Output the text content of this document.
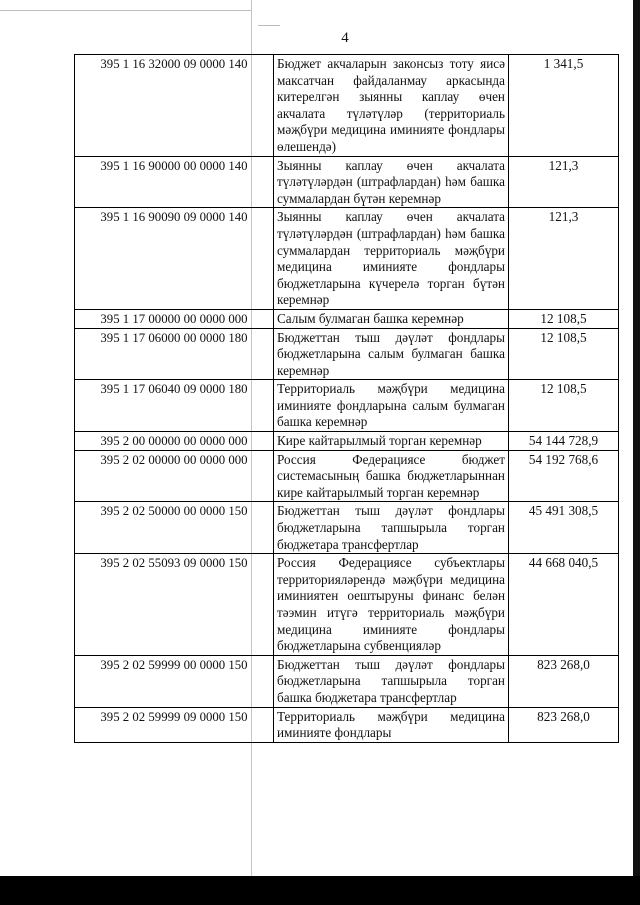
4
395 1 16 32000 09 0000 140	Бюджет акчаларын законсыз тоту яисә максатчан файдаланмау аркасында китерелгән зыянны каплау өчен акчалата түләтүләр (территориаль мәҗбүри медицина иминияте фондлары өлешендә)	1 341,5
395 1 16 90000 00 0000 140	Зыянны каплау өчен акчалата түләтүләрдән (штрафлардан) һәм башка суммалардан бүтән керемнәр	121,3
395 1 16 90090 09 0000 140	Зыянны каплау өчен акчалата түләтүләрдән (штрафлардан) һәм башка суммалардан территориаль мәҗбүри медицина иминияте фондлары бюджетларына күчерелә торган бүтән керемнәр	121,3
395 1 17 00000 00 0000 000	Салым булмаган башка керемнәр	12 108,5
395 1 17 06000 00 0000 180	Бюджеттан тыш дәүләт фондлары бюджетларына салым булмаган башка керемнәр	12 108,5
395 1 17 06040 09 0000 180	Территориаль мәҗбүри медицина иминияте фондларына салым булмаган башка керемнәр	12 108,5
395 2 00 00000 00 0000 000	Кире кайтарылмый торган керемнәр	54 144 728,9
395 2 02 00000 00 0000 000	Россия Федерациясе бюджет системасының башка бюджетларыннан кире кайтарылмый торган керемнәр	54 192 768,6
395 2 02 50000 00 0000 150	Бюджеттан тыш дәүләт фондлары бюджетларына тапшырыла торган бюджетара трансфертлар	45 491 308,5
395 2 02 55093 09 0000 150	Россия Федерациясе субъектлары территорияләрендә мәҗбүри медицина иминиятен оештыруны финанс белән тәэмин итүгә территориаль мәҗбүри медицина иминияте фондлары бюджетларына субвенцияләр	44 668 040,5
395 2 02 59999 00 0000 150	Бюджеттан тыш дәүләт фондлары бюджетларына тапшырыла торган башка бюджетара трансфертлар	823 268,0
395 2 02 59999 09 0000 150	Территориаль мәҗбүри медицина иминияте фондлары	823 268,0
